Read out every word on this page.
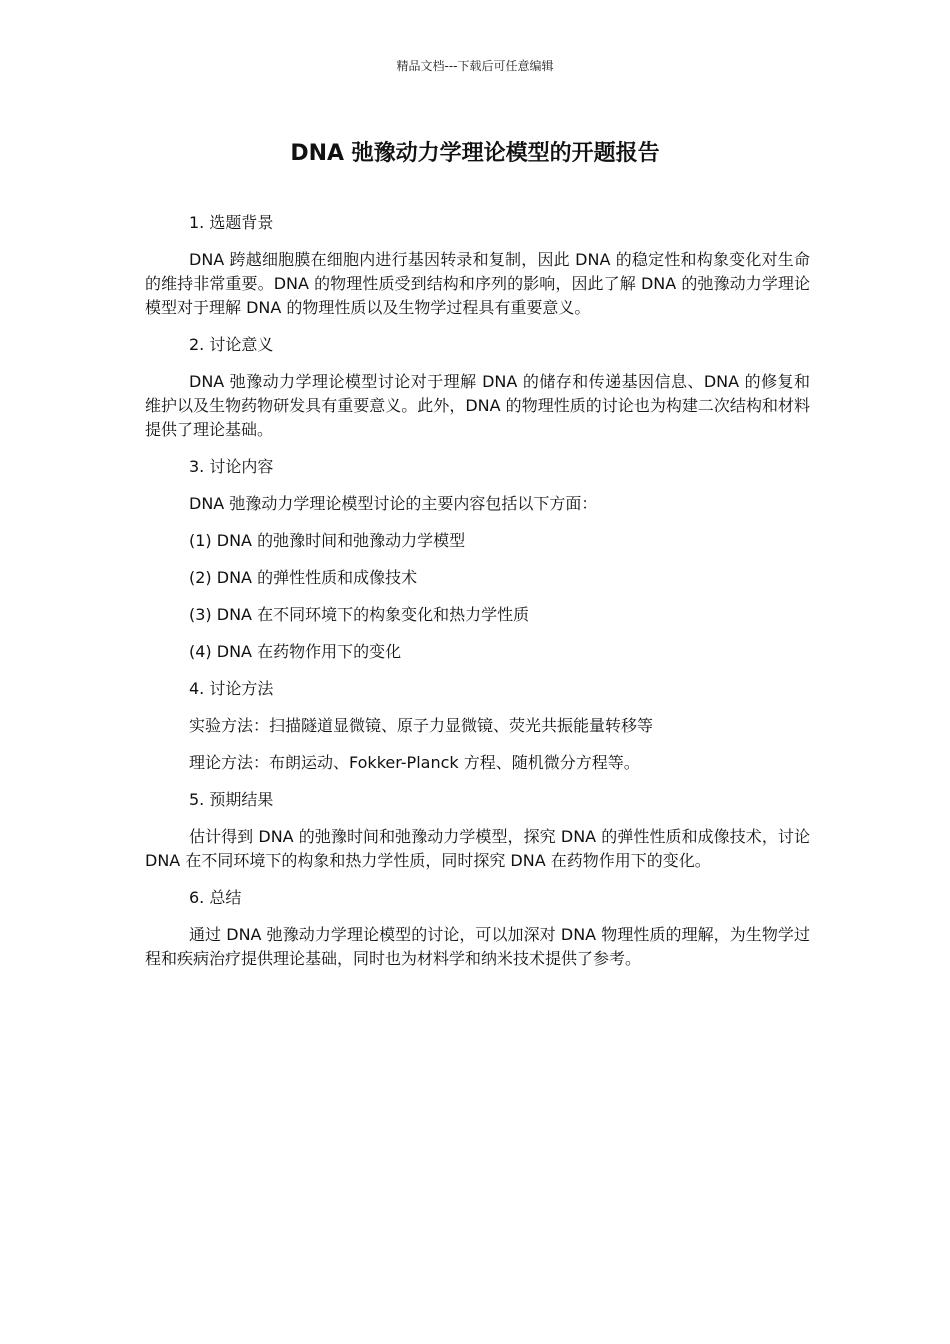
精品文档---下载后可任意编辑
DNA 弛豫动力学理论模型的开题报告
1. 选题背景
DNA 跨越细胞膜在细胞内进行基因转录和复制，因此 DNA 的稳定性和构象变化对生命的维持非常重要。DNA 的物理性质受到结构和序列的影响，因此了解 DNA 的弛豫动力学理论模型对于理解 DNA 的物理性质以及生物学过程具有重要意义。
2. 讨论意义
DNA 弛豫动力学理论模型讨论对于理解 DNA 的储存和传递基因信息、DNA 的修复和维护以及生物药物研发具有重要意义。此外，DNA 的物理性质的讨论也为构建二次结构和材料提供了理论基础。
3. 讨论内容
DNA 弛豫动力学理论模型讨论的主要内容包括以下方面：
(1) DNA 的弛豫时间和弛豫动力学模型
(2) DNA 的弹性性质和成像技术
(3) DNA 在不同环境下的构象变化和热力学性质
(4) DNA 在药物作用下的变化
4. 讨论方法
实验方法：扫描隧道显微镜、原子力显微镜、荧光共振能量转移等
理论方法：布朗运动、Fokker-Planck 方程、随机微分方程等。
5. 预期结果
估计得到 DNA 的弛豫时间和弛豫动力学模型，探究 DNA 的弹性性质和成像技术，讨论 DNA 在不同环境下的构象和热力学性质，同时探究 DNA 在药物作用下的变化。
6. 总结
通过 DNA 弛豫动力学理论模型的讨论，可以加深对 DNA 物理性质的理解，为生物学过程和疾病治疗提供理论基础，同时也为材料学和纳米技术提供了参考。
